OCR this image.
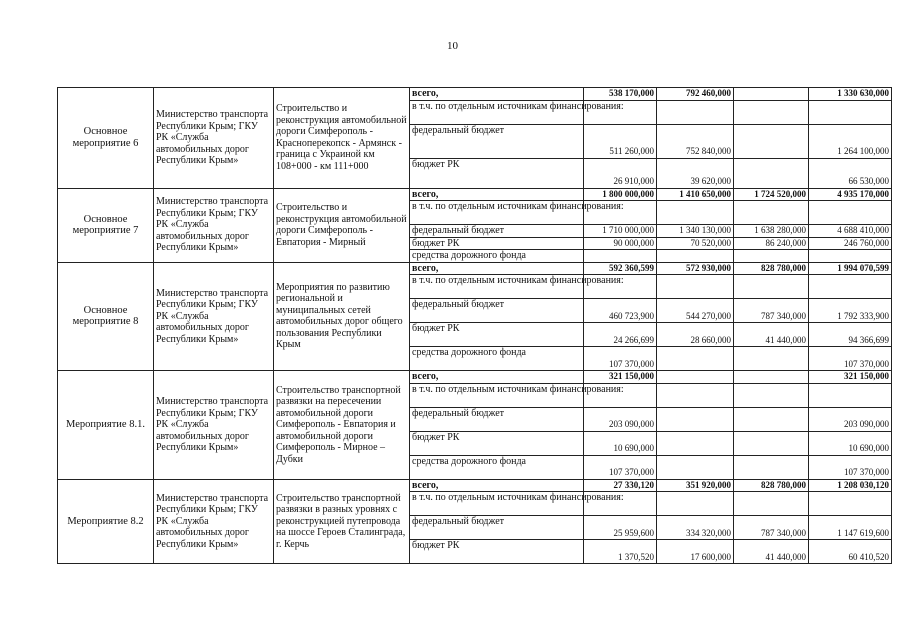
10
Основное мероприятие 6	Министерство транспорта Республики Крым; ГКУ РК «Служба автомобильных дорог Республики Крым»	Строительство и реконструкция автомобильной дороги Симферополь - Красноперекопск - Армянск - граница с Украиной км 108+000 - км 111+000	всего,	538 170,000	792 460,000		1 330 630,000
			в т.ч. по отдельным источникам финансирования:				
			федеральный бюджет	511 260,000	752 840,000		1 264 100,000
			бюджет РК	26 910,000	39 620,000		66 530,000
Основное мероприятие 7	Министерство транспорта Республики Крым; ГКУ РК «Служба автомобильных дорог Республики Крым»	Строительство и реконструкция автомобильной дороги Симферополь - Евпатория - Мирный	всего,	1 800 000,000	1 410 650,000	1 724 520,000	4 935 170,000
			в т.ч. по отдельным источникам финансирования:				
			федеральный бюджет	1 710 000,000	1 340 130,000	1 638 280,000	4 688 410,000
			бюджет РК	90 000,000	70 520,000	86 240,000	246 760,000
			средства дорожного фонда				
Основное мероприятие 8	Министерство транспорта Республики Крым; ГКУ РК «Служба автомобильных дорог Республики Крым»	Мероприятия по развитию региональной и муниципальных сетей автомобильных дорог общего пользования Республики Крым	всего,	592 360,599	572 930,000	828 780,000	1 994 070,599
			в т.ч. по отдельным источникам финансирования:				
			федеральный бюджет	460 723,900	544 270,000	787 340,000	1 792 333,900
			бюджет РК	24 266,699	28 660,000	41 440,000	94 366,699
			средства дорожного фонда	107 370,000			107 370,000
Мероприятие 8.1.	Министерство транспорта Республики Крым; ГКУ РК «Служба автомобильных дорог Республики Крым»	Строительство транспортной развязки на пересечении автомобильной дороги Симферополь - Евпатория и автомобильной дороги Симферополь - Мирное – Дубки	всего,	321 150,000			321 150,000
			в т.ч. по отдельным источникам финансирования:				
			федеральный бюджет	203 090,000			203 090,000
			бюджет РК	10 690,000			10 690,000
			средства дорожного фонда	107 370,000			107 370,000
Мероприятие 8.2	Министерство транспорта Республики Крым; ГКУ РК «Служба автомобильных дорог Республики Крым»	Строительство транспортной развязки в разных уровнях с реконструкцией путепровода на шоссе Героев Сталинграда, г. Керчь	всего,	27 330,120	351 920,000	828 780,000	1 208 030,120
			в т.ч. по отдельным источникам финансирования:				
			федеральный бюджет	25 959,600	334 320,000	787 340,000	1 147 619,600
			бюджет РК	1 370,520	17 600,000	41 440,000	60 410,520
